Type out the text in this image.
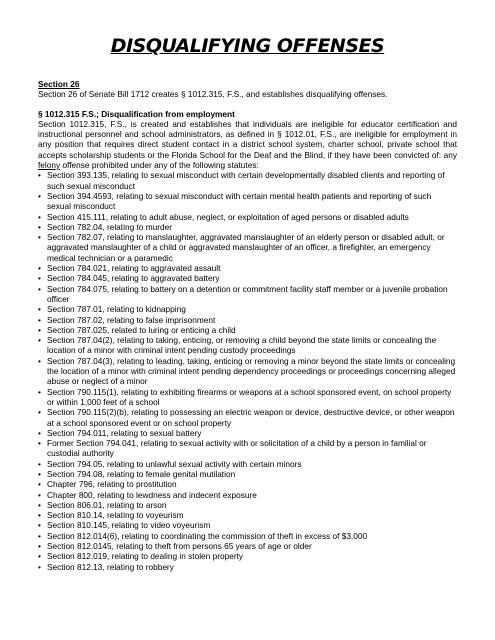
DISQUALIFYING OFFENSES
Section 26
Section 26 of Senate Bill 1712 creates § 1012.315, F.S., and establishes disqualifying offenses.
§ 1012.315 F.S.; Disqualification from employment
Section 1012.315, F.S., is created and establishes that individuals are ineligible for educator certification and instructional personnel and school administrators, as defined in § 1012.01, F.S., are ineligible for employment in any position that requires direct student contact in a district school system, charter school, private school that accepts scholarship students or the Florida School for the Deaf and the Blind, if they have been convicted of: any felony offense prohibited under any of the following statutes:
• Section 393.135, relating to sexual misconduct with certain developmentally disabled clients and reporting of such sexual misconduct
• Section 394.4593, relating to sexual misconduct with certain mental health patients and reporting of such sexual misconduct
• Section 415.111, relating to adult abuse, neglect, or exploitation of aged persons or disabled adults
• Section 782.04, relating to murder
• Section 782.07, relating to manslaughter, aggravated manslaughter of an elderly person or disabled adult, or aggravated manslaughter of a child or aggravated manslaughter of an officer, a firefighter, an emergency medical technician or a paramedic
• Section 784.021, relating to aggravated assault
• Section 784.045, relating to aggravated battery
• Section 784.075, relating to battery on a detention or commitment facility staff member or a juvenile probation officer
• Section 787.01, relating to kidnapping
• Section 787.02, relating to false imprisonment
• Section 787.025, related to luring or enticing a child
• Section 787.04(2), relating to taking, enticing, or removing a child beyond the state limits or concealing the location of a minor with criminal intent pending custody proceedings
• Section 787.04(3), relating to leading, taking, enticing or removing a minor beyond the state limits or concealing the location of a minor with criminal intent pending dependency proceedings or proceedings concerning alleged abuse or neglect of a minor
• Section 790.115(1), relating to exhibiting firearms or weapons at a school sponsored event, on school property or within 1,000 feet of a school
• Section 790.115(2)(b), relating to possessing an electric weapon or device, destructive device, or other weapon at a school sponsored event or on school property
• Section 794.011, relating to sexual battery
• Former Section 794.041, relating to sexual activity with or solicitation of a child by a person in familial or custodial authority
• Section 794.05, relating to unlawful sexual activity with certain minors
• Section 794.08, relating to female genital mutilation
• Chapter 796, relating to prostitution
• Chapter 800, relating to lewdness and indecent exposure
• Section 806.01, relating to arson
• Section 810.14, relating to voyeurism
• Section 810.145, relating to video voyeurism
• Section 812.014(6), relating to coordinating the commission of theft in excess of $3,000
• Section 812.0145, relating to theft from persons 65 years of age or older
• Section 812.019, relating to dealing in stolen property
• Section 812.13, relating to robbery
